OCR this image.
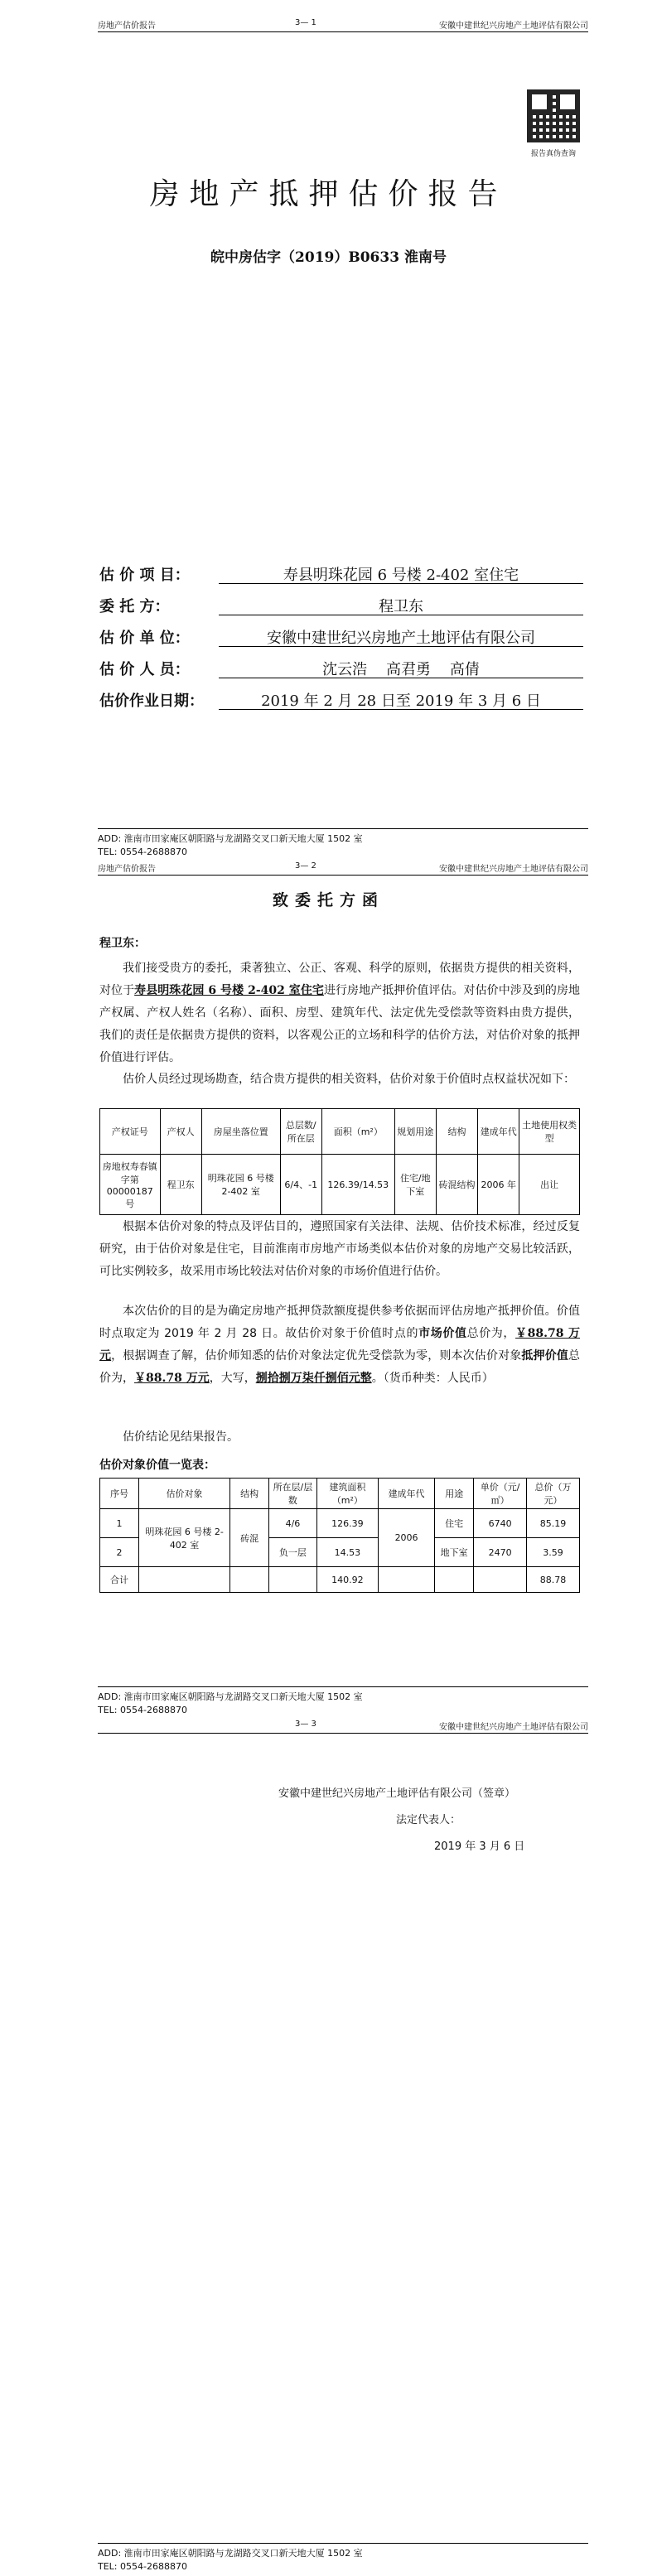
房地产估价报告	3— 1	安徽中建世纪兴房地产土地评估有限公司
报告真伪查询
房地产抵押估价报告
皖中房估字（2019）B0633 淮南号
估 价 项 目：	寿县明珠花园 6 号楼 2-402 室住宅
委 托 方：	程卫东
估 价 单 位：	安徽中建世纪兴房地产土地评估有限公司
估 价 人 员：	沈云浩    高君勇    高倩
估价作业日期：	2019 年 2 月 28 日至 2019 年 3 月 6 日
ADD: 淮南市田家庵区朝阳路与龙湖路交叉口新天地大厦 1502 室
TEL: 0554-2688870
房地产估价报告	3— 2	安徽中建世纪兴房地产土地评估有限公司
致委托方函
程卫东：
我们接受贵方的委托，秉著独立、公正、客观、科学的原则，依据贵方提供的相关资料，对位于寿县明珠花园 6 号楼 2-402 室住宅进行房地产抵押价值评估。对估价中涉及到的房地产权属、产权人姓名（名称）、面积、房型、建筑年代、法定优先受偿款等资料由贵方提供，我们的责任是依据贵方提供的资料，以客观公正的立场和科学的估价方法，对估价对象的抵押价值进行评估。
估价人员经过现场勘查，结合贵方提供的相关资料，估价对象于价值时点权益状况如下：
产权证号	产权人	房屋坐落位置	总层数/所在层	面积（m²）	规划用途	结构	建成年代	土地使用权类型
房地权寿春镇字第 00000187 号	程卫东	明珠花园 6 号楼 2-402 室	6/4、-1	126.39/14.53	住宅/地下室	砖混结构	2006 年	出让
根据本估价对象的特点及评估目的，遵照国家有关法律、法规、估价技术标准，经过反复研究，由于估价对象是住宅，目前淮南市房地产市场类似本估价对象的房地产交易比较活跃，可比实例较多，故采用市场比较法对估价对象的市场价值进行估价。
本次估价的目的是为确定房地产抵押贷款额度提供参考依据而评估房地产抵押价值。价值时点取定为 2019 年 2 月 28 日。故估价对象于价值时点的市场价值总价为，￥88.78 万元，根据调查了解，估价师知悉的估价对象法定优先受偿款为零，则本次估价对象抵押价值总价为，￥88.78 万元，大写，捌拾捌万柒仟捌佰元整。（货币种类：人民币）
估价结论见结果报告。
估价对象价值一览表：
序号	估价对象	结构	所在层/层数	建筑面积（m²）	建成年代	用途	单价（元/㎡）	总价（万元）
1	明珠花园 6 号楼 2-402 室	砖混	4/6	126.39	2006	住宅	6740	85.19
2			负一层	14.53		地下室	2470	3.59
合计				140.92				88.78
ADD: 淮南市田家庵区朝阳路与龙湖路交叉口新天地大厦 1502 室
TEL: 0554-2688870
3— 3	安徽中建世纪兴房地产土地评估有限公司
安徽中建世纪兴房地产土地评估有限公司（签章）
法定代表人：
2019 年 3 月 6 日
ADD: 淮南市田家庵区朝阳路与龙湖路交叉口新天地大厦 1502 室
TEL: 0554-2688870
